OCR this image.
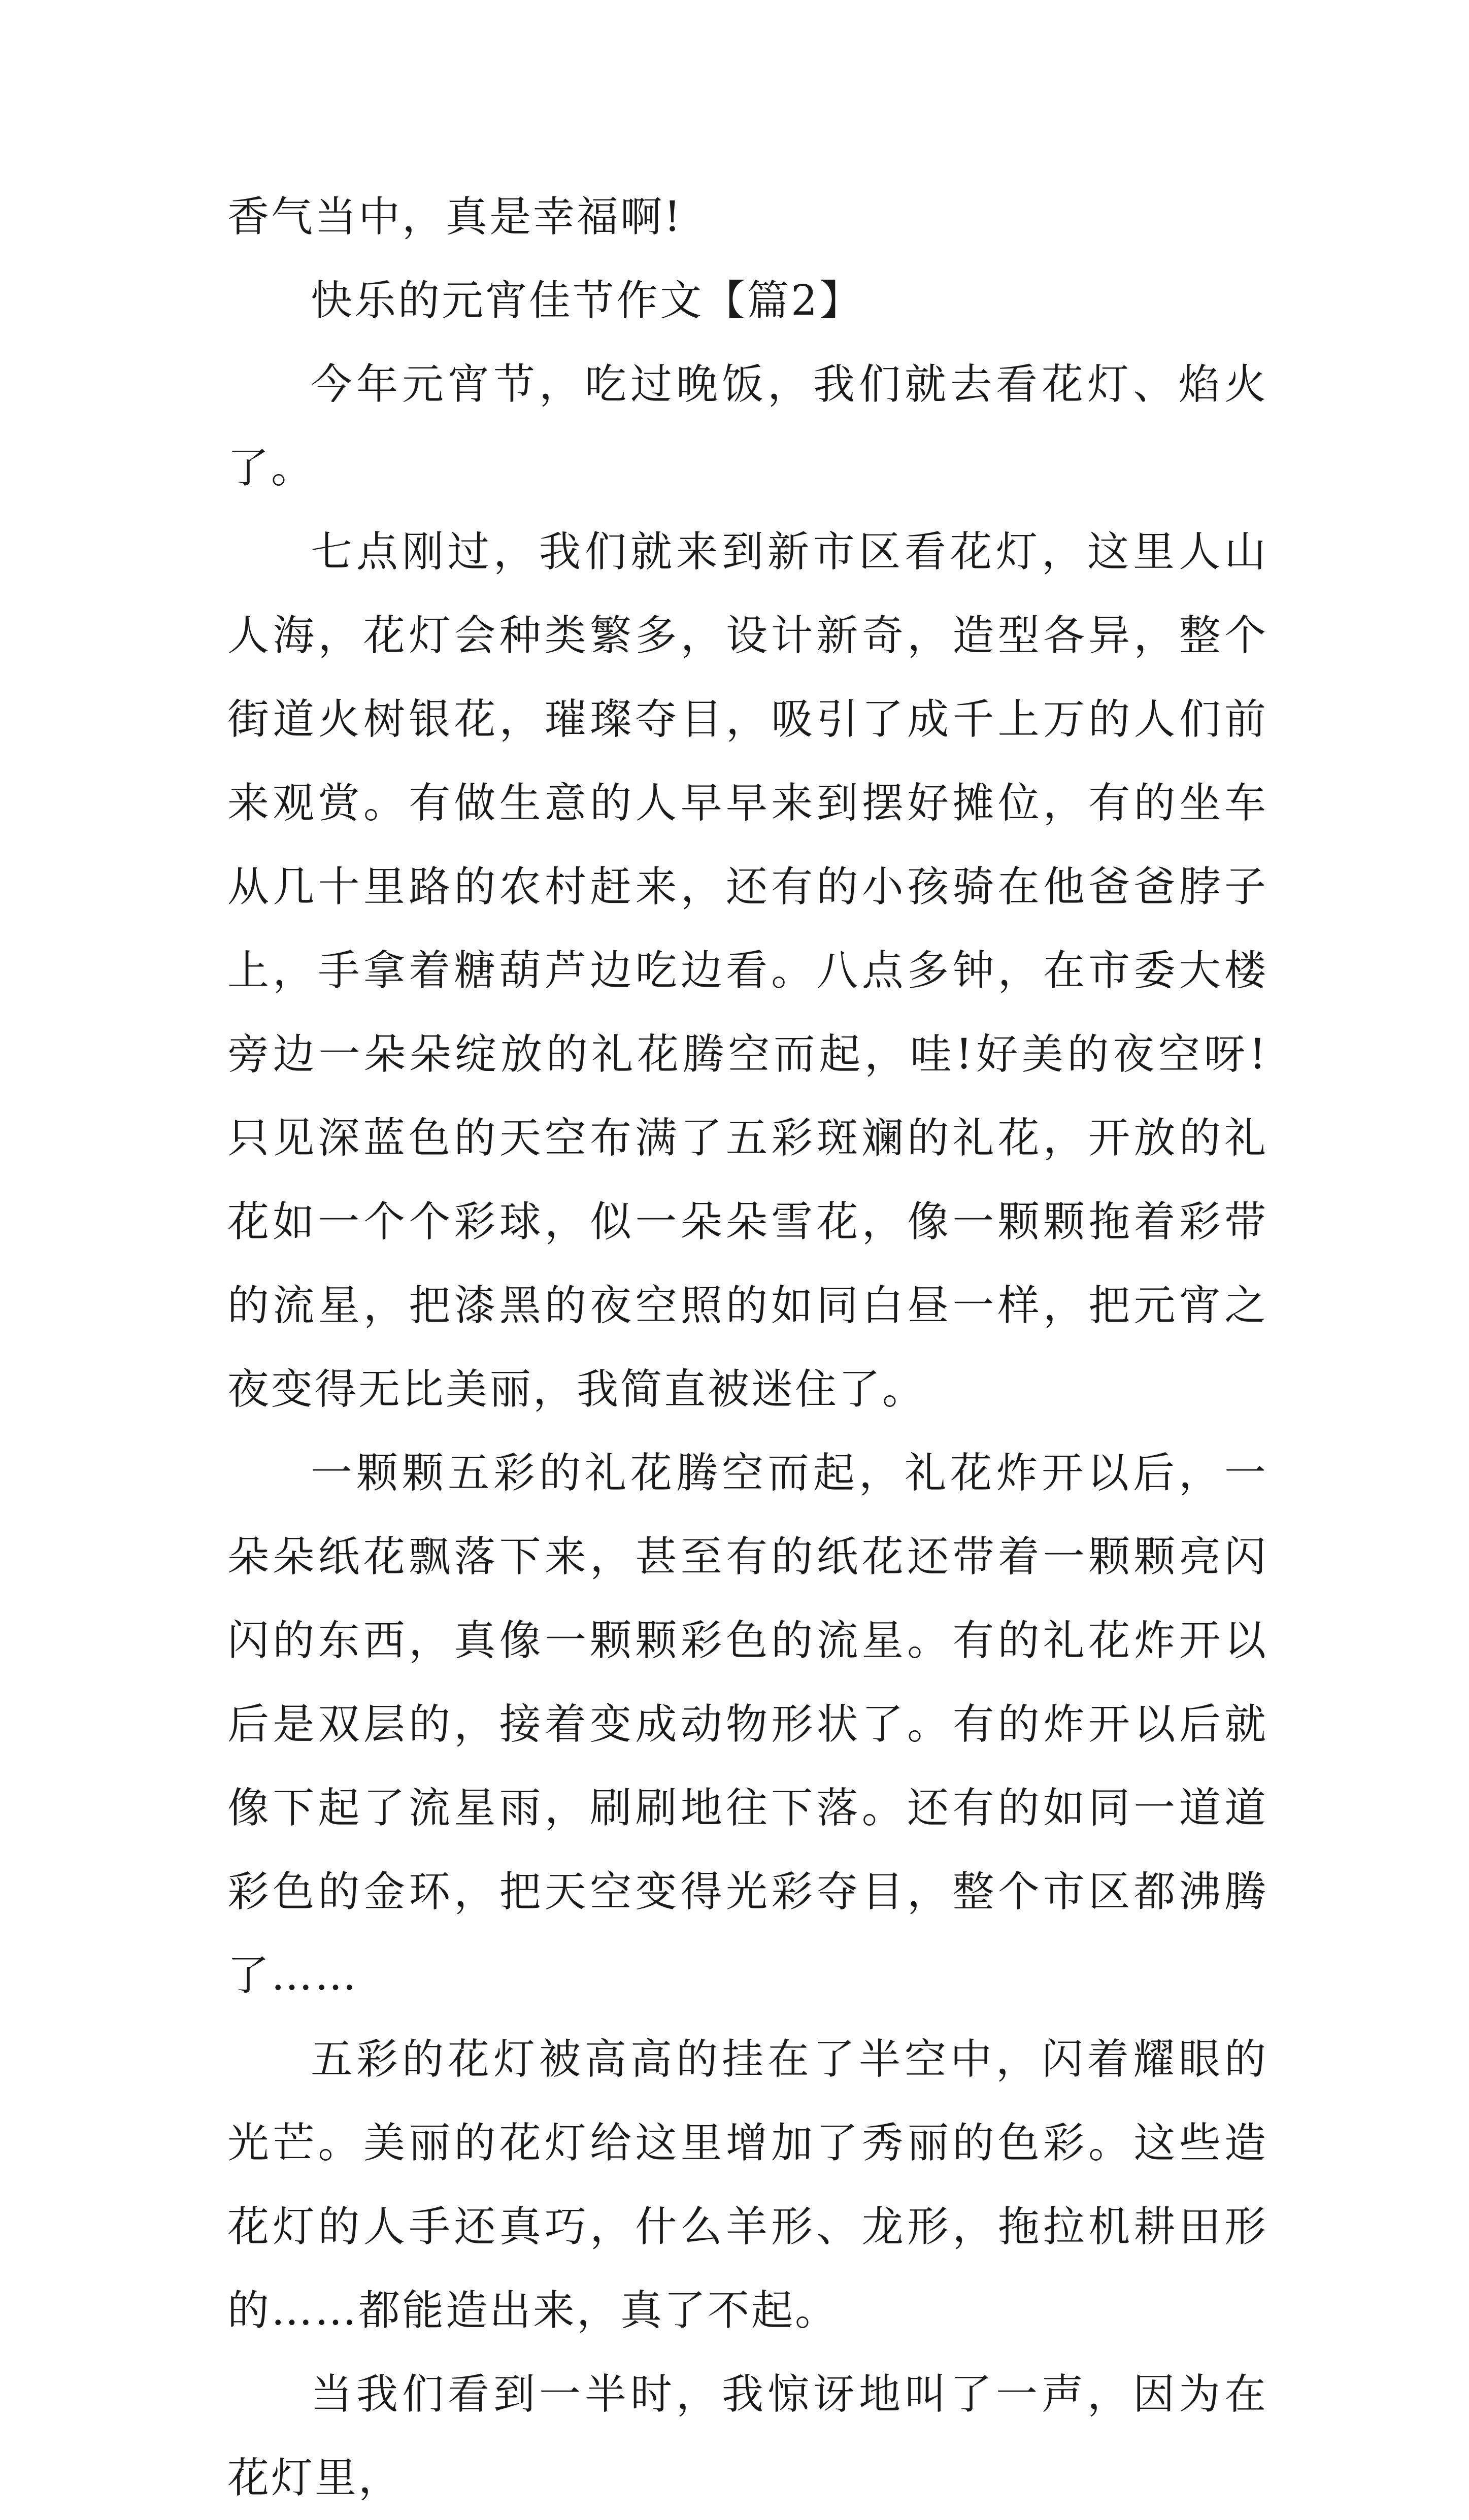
香气当中，真是幸福啊!

快乐的元宵佳节作文【篇2】

今年元宵节，吃过晚饭，我们就去看花灯、焰火了。

七点刚过，我们就来到新市区看花灯，这里人山人海，花灯会种类繁多，设计新奇，造型各异，整个街道火树银花，璀璨夺目，吸引了成千上万的人们前来观赏。有做生意的人早早来到摆好摊位，有的坐车从几十里路的农村赶来，还有的小孩骑在他爸爸脖子上，手拿着糖葫芦边吃边看。八点多钟，在市委大楼旁边一朵朵绽放的礼花腾空而起，哇!好美的夜空呀!只见深蓝色的天空布满了五彩斑斓的礼花，开放的礼花如一个个彩球，似一朵朵雪花，像一颗颗拖着彩带的流星，把漆黑的夜空照的如同白昼一样，把元宵之夜变得无比美丽，我简直被迷住了。

一颗颗五彩的礼花腾空而起，礼花炸开以后，一朵朵纸花飘落下来，甚至有的纸花还带着一颗颗亮闪闪的东西，真像一颗颗彩色的流星。有的礼花炸开以后是双层的，接着变成动物形状了。有的炸开以后就像下起了流星雨，刷刷地往下落。还有的如同一道道彩色的金环，把天空变得光彩夺目，整个市区都沸腾了……

五彩的花灯被高高的挂在了半空中，闪着耀眼的光芒。美丽的花灯给这里增加了秀丽的色彩。这些造花灯的人手还真巧，什么羊形、龙形，拖拉机耕田形的……都能造出来，真了不起。

当我们看到一半时，我惊讶地叫了一声，因为在花灯里，
